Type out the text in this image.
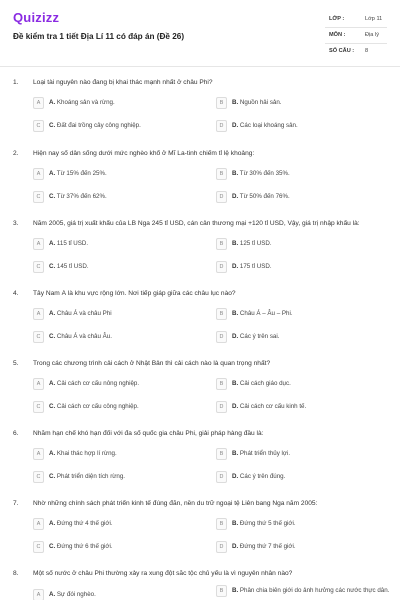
Quizizz
Đề kiểm tra 1 tiết Địa Lí 11 có đáp án (Đề 26)
LỚP :	Lớp 11
MÔN :	Địa lý
SỐ CÂU : 8
1. Loại tài nguyên nào đang bị khai thác mạnh nhất ở châu Phi?
A	A. Khoáng sản và rừng.	B	B. Nguồn hải sản.
C	C. Đất đai trồng cây công nghiệp.	D	D. Các loại khoáng sản.
2. Hiện nay số dân sống dưới mức nghèo khổ ở Mĩ La-tinh chiếm tỉ lệ khoảng:
A	A. Từ 15% đến 25%.	B	B. Từ 30% đến 35%.
C	C. Từ 37% đến 62%.	D	D. Từ 50% đến 76%.
3. Năm 2005, giá trị xuất khẩu của LB Nga 245 tỉ USD, cán cân thương mại +120 tỉ USD, Vậy, giá trị nhập khẩu là:
A	A. 115 tỉ USD.	B	B. 125 tỉ USD.
C	C. 145 tỉ USD.	D	D. 175 tỉ USD.
4. Tây Nam Á là khu vực rộng lớn. Nơi tiếp giáp giữa các châu lục nào?
A	A. Châu Á và châu Phi	B	B. Châu Á – Âu – Phi.
C	C. Châu Á và châu Âu.	D	D. Các ý trên sai.
5. Trong các chương trình cải cách ở Nhật Bản thì cải cách nào là quan trọng nhất?
A	A. Cải cách cơ cấu nông nghiệp.	B	B. Cải cách giáo dục.
C	C. Cải cách cơ cấu công nghiệp.	D	D. Cải cách cơ cấu kinh tế.
6. Nhằm hạn chế khó hạn đối với đa số quốc gia châu Phi, giải pháp hàng đầu là:
A	A. Khai thác hợp lí rừng.	B	B. Phát triển thủy lợi.
C	C. Phát triển diện tích rừng.	D	D. Các ý trên đúng.
7. Nhờ những chính sách phát triển kinh tế đúng đắn, nền du trữ ngoại tệ Liên bang Nga năm 2005:
A	A. Đứng thứ 4 thế giới.	B	B. Đứng thứ 5 thế giới.
C	C. Đứng thứ 6 thế giới.	D	D. Đứng thứ 7 thế giới.
8. Một số nước ở châu Phi thường xảy ra xung đột sắc tộc chủ yếu là vì nguyên nhân nào?
A	A. Sự đói nghèo.	B	B. Phân chia biên giới do ảnh hưởng các nước thực dân.
